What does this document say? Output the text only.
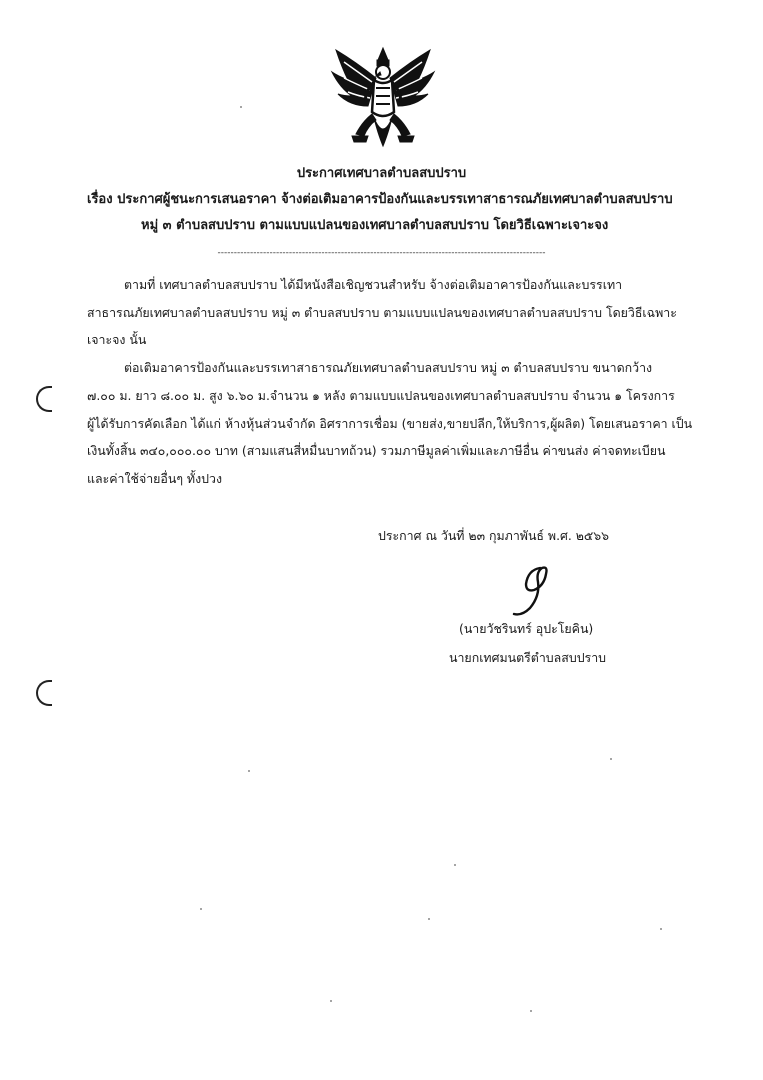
ประกาศเทศบาลตำบลสบปราบ
เรื่อง ประกาศผู้ชนะการเสนอราคา จ้างต่อเติมอาคารป้องกันและบรรเทาสาธารณภัยเทศบาลตำบลสบปราบ
หมู่ ๓ ตำบลสบปราบ ตามแบบแปลนของเทศบาลตำบลสบปราบ โดยวิธีเฉพาะเจาะจง
-----------------------------------------------------------------------------------------------------
ตามที่ เทศบาลตำบลสบปราบ ได้มีหนังสือเชิญชวนสำหรับ จ้างต่อเติมอาคารป้องกันและบรรเทา
สาธารณภัยเทศบาลตำบลสบปราบ หมู่ ๓ ตำบลสบปราบ ตามแบบแปลนของเทศบาลตำบลสบปราบ โดยวิธีเฉพาะ
เจาะจง นั้น
ต่อเติมอาคารป้องกันและบรรเทาสาธารณภัยเทศบาลตำบลสบปราบ หมู่ ๓ ตำบลสบปราบ ขนาดกว้าง
๗.๐๐ ม. ยาว ๘.๐๐ ม. สูง ๖.๖๐ ม.จำนวน ๑ หลัง ตามแบบแปลนของเทศบาลตำบลสบปราบ จำนวน ๑ โครงการ
ผู้ได้รับการคัดเลือก ได้แก่ ห้างหุ้นส่วนจำกัด อิศราการเชื่อม (ขายส่ง,ขายปลีก,ให้บริการ,ผู้ผลิต) โดยเสนอราคา เป็น
เงินทั้งสิ้น ๓๔๐,๐๐๐.๐๐ บาท (สามแสนสี่หมื่นบาทถ้วน) รวมภาษีมูลค่าเพิ่มและภาษีอื่น ค่าขนส่ง ค่าจดทะเบียน
และค่าใช้จ่ายอื่นๆ ทั้งปวง
ประกาศ ณ วันที่ ๒๓ กุมภาพันธ์ พ.ศ. ๒๕๖๖
(นายวัชรินทร์ อุปะโยคิน)
นายกเทศมนตรีตำบลสบปราบ
